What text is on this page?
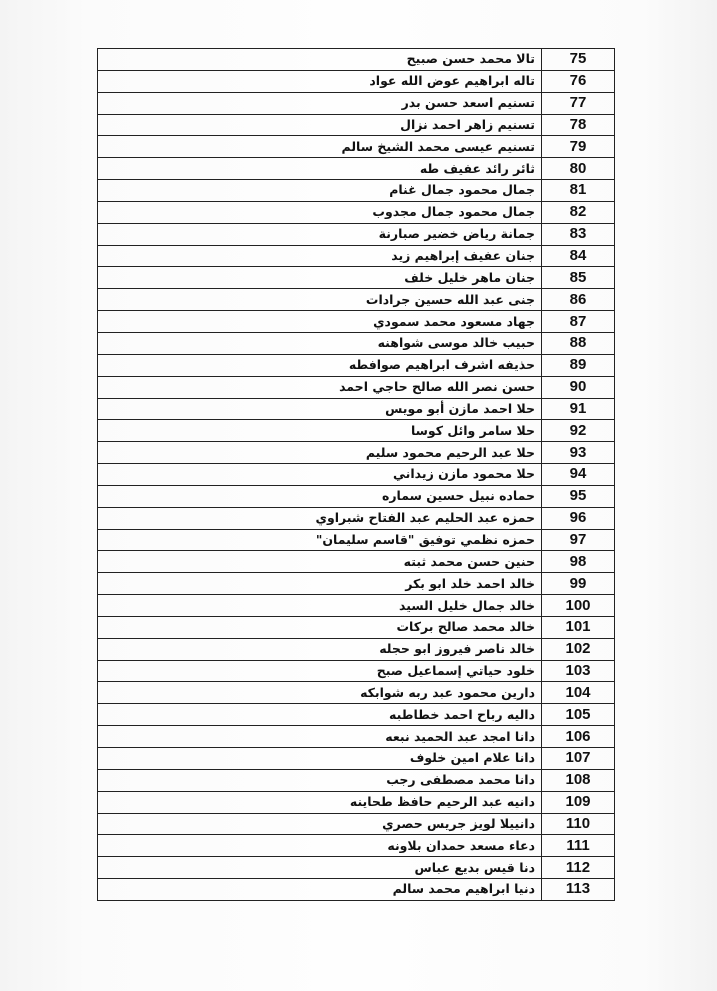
75	تالا محمد حسن صبيح
76	تاله ابراهيم عوض الله عواد
77	تسنيم اسعد حسن بدر
78	تسنيم زاهر احمد نزال
79	تسنيم عيسى محمد الشيخ سالم
80	ثائر رائد عفيف طه
81	جمال محمود جمال غنام
82	جمال محمود جمال مجدوب
83	جمانة رياض خضير صبارنة
84	جنان عفيف إبراهيم زيد
85	جنان ماهر خليل خلف
86	جنى عبد الله حسين جرادات
87	جهاد مسعود محمد سمودي
88	حبيب خالد موسى شواهنه
89	حذيفه اشرف ابراهيم صوافطه
90	حسن نصر الله صالح حاجي احمد
91	حلا احمد مازن أبو مويس
92	حلا سامر وائل كوسا
93	حلا عبد الرحيم محمود سليم
94	حلا محمود مازن زيداني
95	حماده نبيل حسين سماره
96	حمزه عبد الحليم عبد الفتاح شبراوي
97	حمزه نظمي توفيق "قاسم سليمان"
98	حنين حسن محمد ثبته
99	خالد احمد خلد ابو بكر
100	خالد جمال خليل السيد
101	خالد محمد صالح بركات
102	خالد ناصر فيروز ابو حجله
103	خلود حياتي إسماعيل صبح
104	دارين محمود عبد ربه شوابكه
105	داليه رباح احمد خطاطبه
106	دانا امجد عبد الحميد نبعه
107	دانا علام امين خلوف
108	دانا محمد مصطفى رجب
109	دانيه عبد الرحيم حافظ طحاينه
110	دانييلا لويز جريس حصري
111	دعاء مسعد حمدان بلاونه
112	دنا قيس بديع عباس
113	دنيا ابراهيم محمد سالم
